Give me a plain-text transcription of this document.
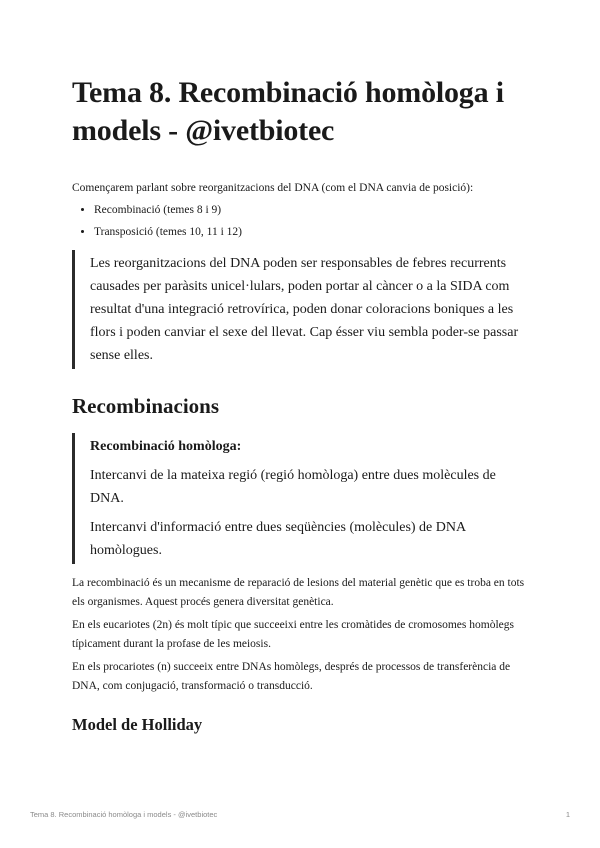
Tema 8. Recombinació homòloga i models - @ivetbiotec

Començarem parlant sobre reorganitzacions del DNA (com el DNA canvia de posició):

• Recombinació (temes 8 i 9)
• Transposició (temes 10, 11 i 12)

Les reorganitzacions del DNA poden ser responsables de febres recurrents causades per paràsits unicel·lulars, poden portar al càncer o a la SIDA com resultat d'una integració retrovírica, poden donar coloracions boniques a les flors i poden canviar el sexe del llevat. Cap ésser viu sembla poder-se passar sense elles.

Recombinacions

Recombinació homòloga:

Intercanvi de la mateixa regió (regió homòloga) entre dues molècules de DNA.

Intercanvi d'informació entre dues seqüències (molècules) de DNA homòlogues.

La recombinació és un mecanisme de reparació de lesions del material genètic que es troba en tots els organismes. Aquest procés genera diversitat genètica.

En els eucariotes (2n) és molt típic que succeeixi entre les cromàtides de cromosomes homòlegs típicament durant la profase de les meiosis.

En els procariotes (n) succeeix entre DNAs homòlegs, després de processos de transferència de DNA, com conjugació, transformació o transducció.

Model de Holliday
Tema 8. Recombinació homòloga i models - @ivetbiotec	1
